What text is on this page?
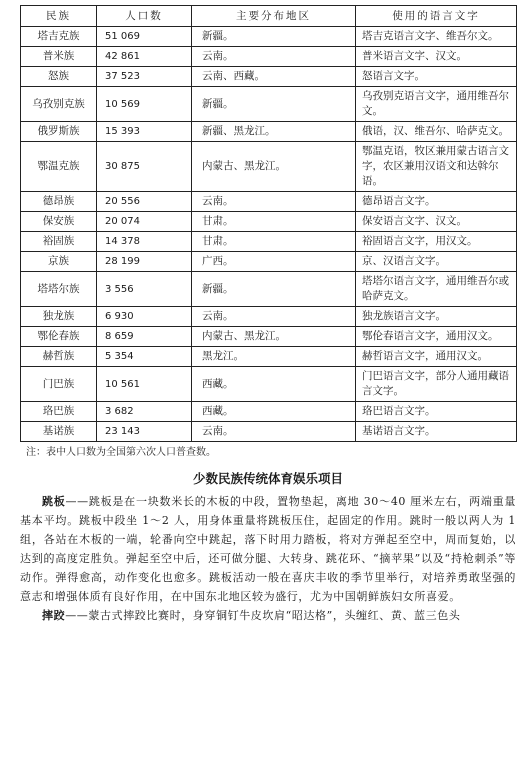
民族	人口数	主要分布地区	使用的语言文字
塔吉克族	51 069	新疆。	塔吉克语言文字、维吾尔文。
普米族	42 861	云南。	普米语言文字、汉文。
怒族	37 523	云南、西藏。	怒语言文字。
乌孜别克族	10 569	新疆。	乌孜别克语言文字，通用维吾尔文。
俄罗斯族	15 393	新疆、黑龙江。	俄语，汉、维吾尔、哈萨克文。
鄂温克族	30 875	内蒙古、黑龙江。	鄂温克语，牧区兼用蒙古语言文字，农区兼用汉语文和达斡尔语。
德昂族	20 556	云南。	德昂语言文字。
保安族	20 074	甘肃。	保安语言文字、汉文。
裕固族	14 378	甘肃。	裕固语言文字，用汉文。
京族	28 199	广西。	京、汉语言文字。
塔塔尔族	3 556	新疆。	塔塔尔语言文字，通用维吾尔或哈萨克文。
独龙族	6 930	云南。	独龙族语言文字。
鄂伦春族	8 659	内蒙古、黑龙江。	鄂伦春语言文字，通用汉文。
赫哲族	5 354	黑龙江。	赫哲语言文字，通用汉文。
门巴族	10 561	西藏。	门巴语言文字，部分人通用藏语言文字。
珞巴族	3 682	西藏。	珞巴语言文字。
基诺族	23 143	云南。	基诺语言文字。
注：表中人口数为全国第六次人口普查数。
少数民族传统体育娱乐项目

跳板——跳板是在一块数米长的木板的中段，置物垫起，离地 30～40 厘米左右，两端重量基本平均。跳板中段坐 1～2 人，用身体重量将跳板压住，起固定的作用。跳时一般以两人为 1 组，各站在木板的一端，轮番向空中跳起，落下时用力踏板，将对方弹起至空中，周而复始，以达到的高度定胜负。弹起至空中后，还可做分腿、大转身、跳花环、“摘苹果”以及“持枪刺杀”等动作。弹得愈高，动作变化也愈多。跳板活动一般在喜庆丰收的季节里举行，对培养勇敢坚强的意志和增强体质有良好作用，在中国东北地区较为盛行，尤为中国朝鲜族妇女所喜爱。

摔跤——蒙古式摔跤比赛时，身穿铜钉牛皮坎肩“昭达格”，头缠红、黄、蓝三色头
